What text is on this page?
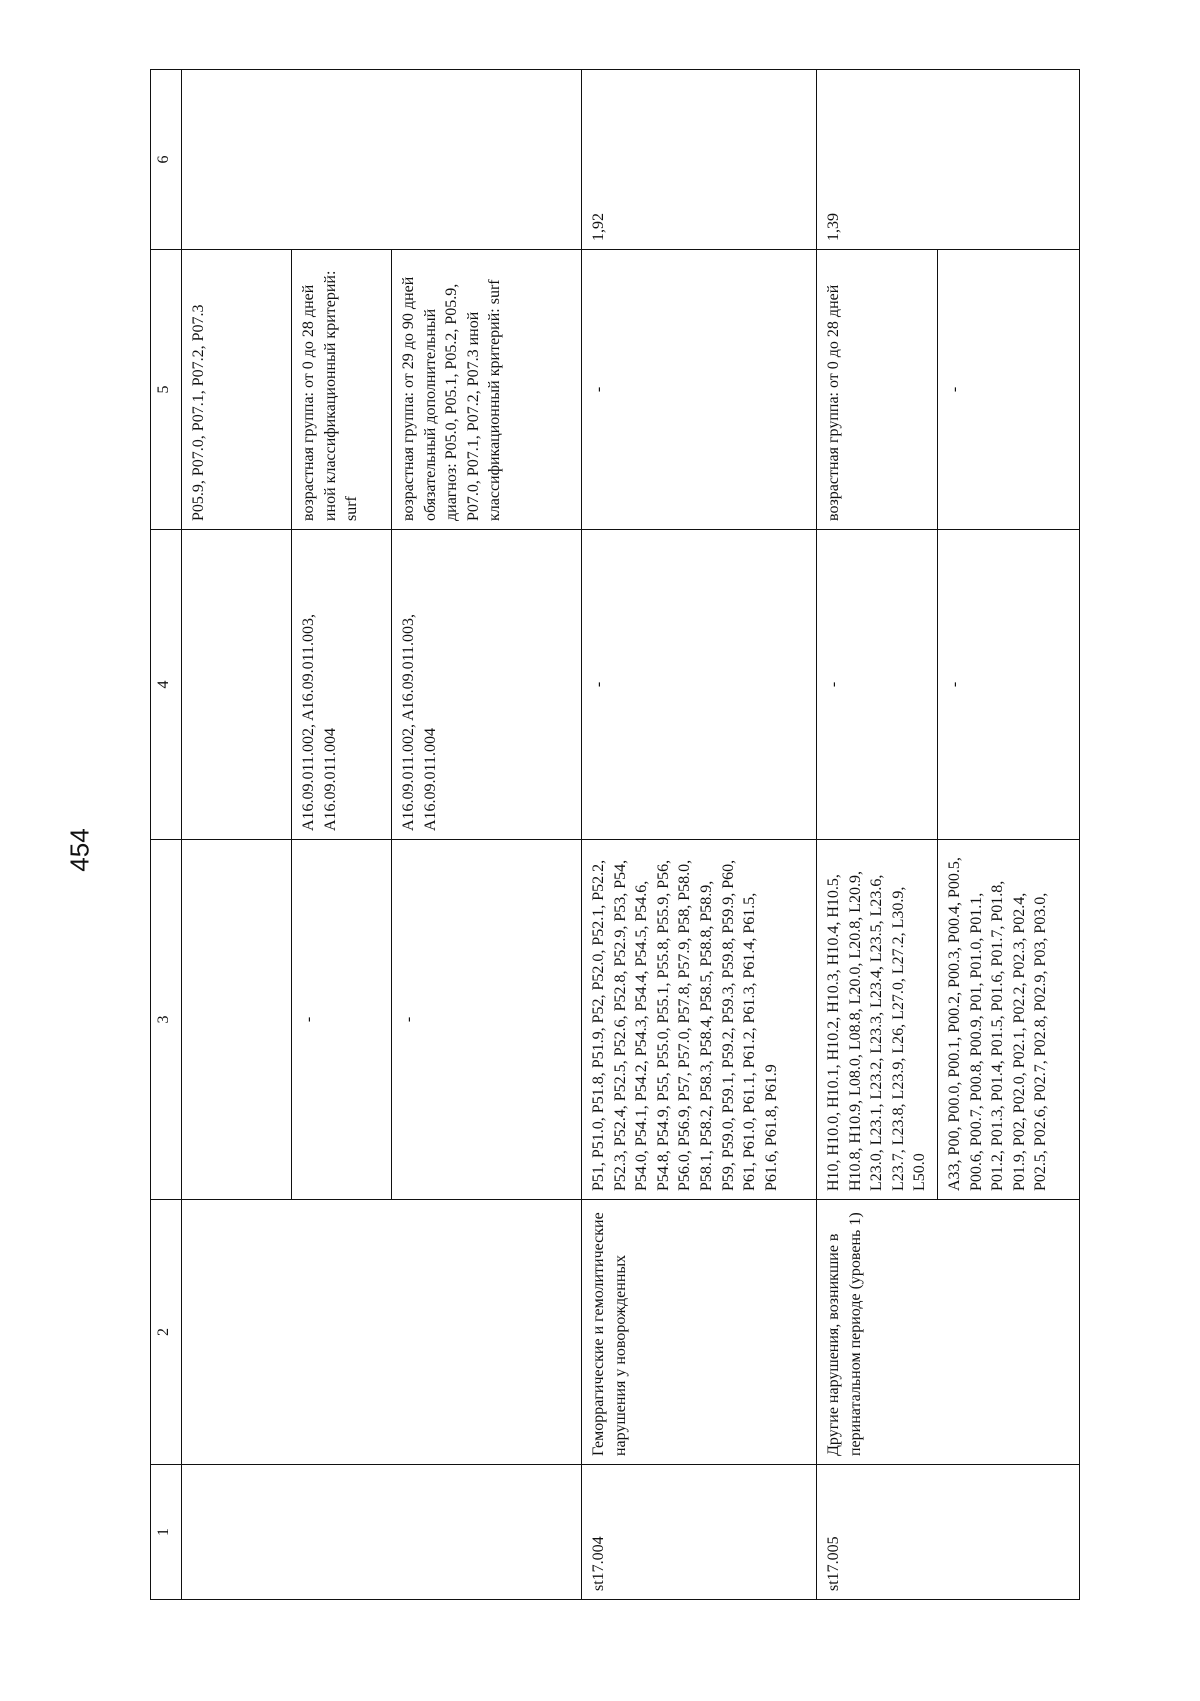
454
1	2	3	4	5	6
				P05.9, P07.0, P07.1, P07.2, P07.3	
		-	A16.09.011.002, A16.09.011.003, A16.09.011.004	возрастная группа: от 0 до 28 дней иной классификационный критерий: surf	
		-	A16.09.011.002, A16.09.011.003, A16.09.011.004	возрастная группа: от 29 до 90 дней обязательный дополнительный диагноз: P05.0, P05.1, P05.2, P05.9, P07.0, P07.1, P07.2, P07.3 иной классификационный критерий: surf	
st17.004	Геморрагические и гемолитические нарушения у новорожденных	P51, P51.0, P51.8, P51.9, P52, P52.0, P52.1, P52.2, P52.3, P52.4, P52.5, P52.6, P52.8, P52.9, P53, P54, P54.0, P54.1, P54.2, P54.3, P54.4, P54.5, P54.6, P54.8, P54.9, P55, P55.0, P55.1, P55.8, P55.9, P56, P56.0, P56.9, P57, P57.0, P57.8, P57.9, P58, P58.0, P58.1, P58.2, P58.3, P58.4, P58.5, P58.8, P58.9, P59, P59.0, P59.1, P59.2, P59.3, P59.8, P59.9, P60, P61, P61.0, P61.1, P61.2, P61.3, P61.4, P61.5, P61.6, P61.8, P61.9	-	-	1,92
st17.005	Другие нарушения, возникшие в перинатальном периоде (уровень 1)	H10, H10.0, H10.1, H10.2, H10.3, H10.4, H10.5, H10.8, H10.9, L08.0, L08.8, L20.0, L20.8, L20.9, L23.0, L23.1, L23.2, L23.3, L23.4, L23.5, L23.6, L23.7, L23.8, L23.9, L26, L27.0, L27.2, L30.9, L50.0	-	возрастная группа: от 0 до 28 дней	1,39
		A33, P00, P00.0, P00.1, P00.2, P00.3, P00.4, P00.5, P00.6, P00.7, P00.8, P00.9, P01, P01.0, P01.1, P01.2, P01.3, P01.4, P01.5, P01.6, P01.7, P01.8, P01.9, P02, P02.0, P02.1, P02.2, P02.3, P02.4, P02.5, P02.6, P02.7, P02.8, P02.9, P03, P03.0,	-	-	
